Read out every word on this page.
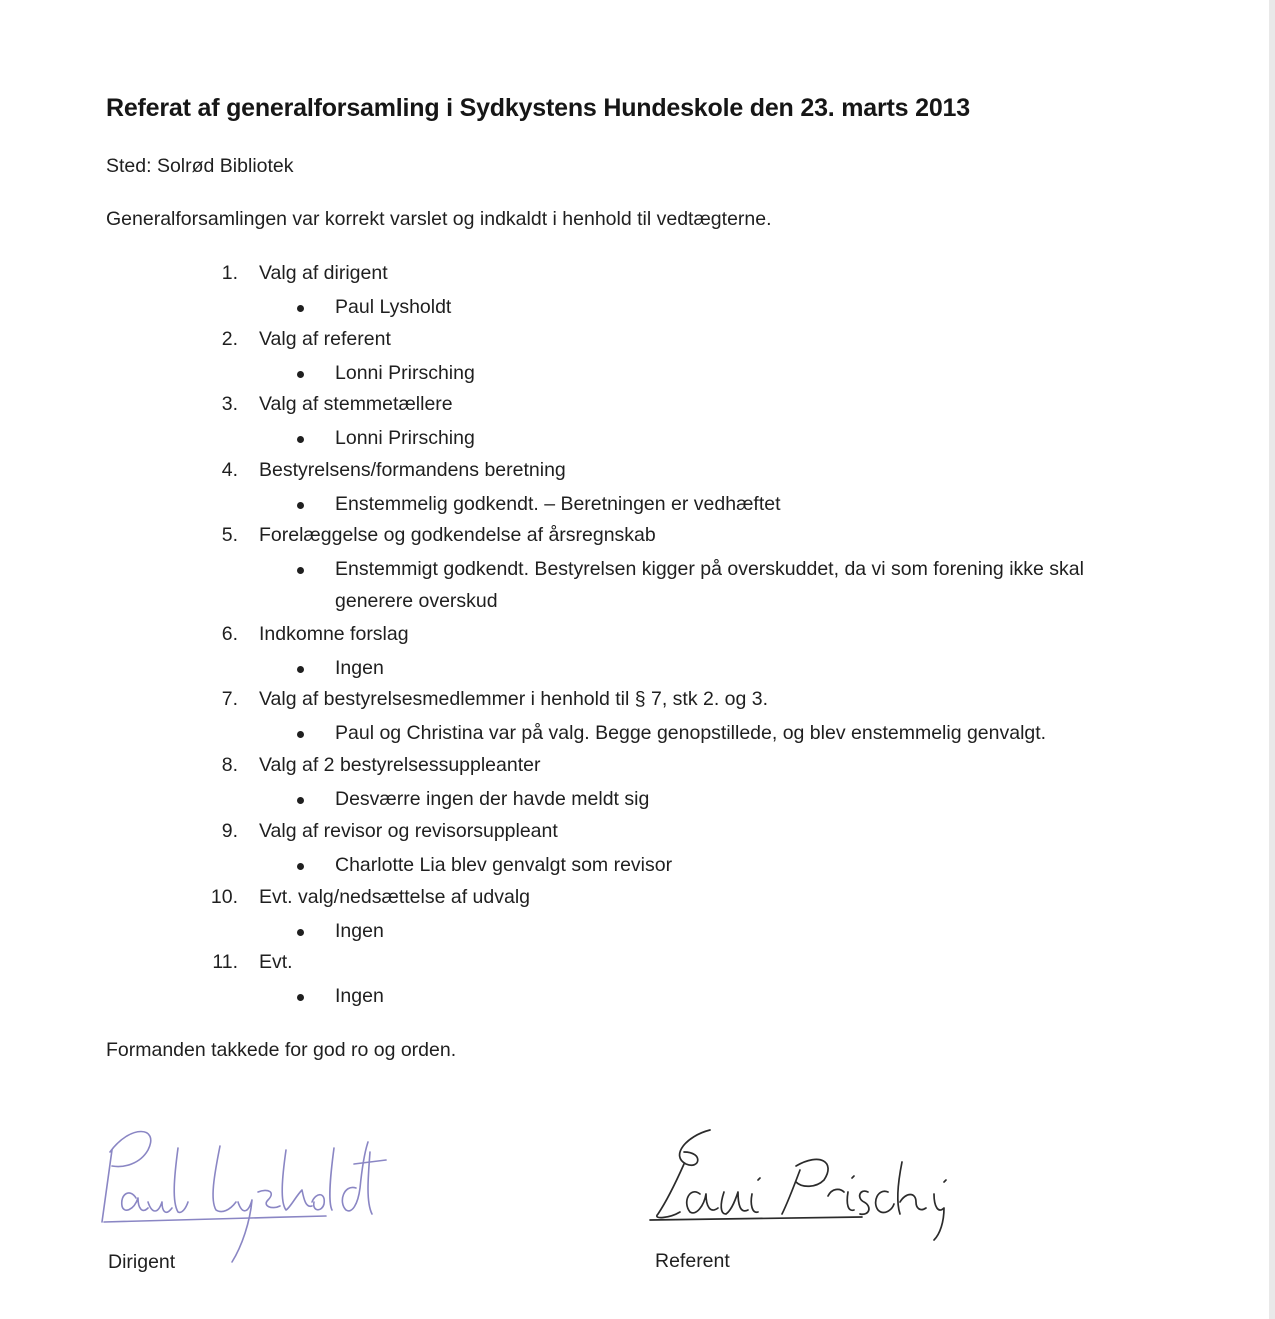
Referat af generalforsamling i Sydkystens Hundeskole den 23. marts 2013

Sted: Solrød Bibliotek

Generalforsamlingen var korrekt varslet og indkaldt i henhold til vedtægterne.

1. Valg af dirigent
Paul Lysholdt
2. Valg af referent
Lonni Prirsching
3. Valg af stemmetællere
Lonni Prirsching
4. Bestyrelsens/formandens beretning
Enstemmelig godkendt. – Beretningen er vedhæftet
5. Forelæggelse og godkendelse af årsregnskab
Enstemmigt godkendt. Bestyrelsen kigger på overskuddet, da vi som forening ikke skal generere overskud
6. Indkomne forslag
Ingen
7. Valg af bestyrelsesmedlemmer i henhold til § 7, stk 2. og 3.
Paul og Christina var på valg. Begge genopstillede, og blev enstemmelig genvalgt.
8. Valg af 2 bestyrelsessuppleanter
Desværre ingen der havde meldt sig
9. Valg af revisor og revisorsuppleant
Charlotte Lia blev genvalgt som revisor
10. Evt. valg/nedsættelse af udvalg
Ingen
11. Evt.
Ingen

Formanden takkede for god ro og orden.

Dirigent	Referent
